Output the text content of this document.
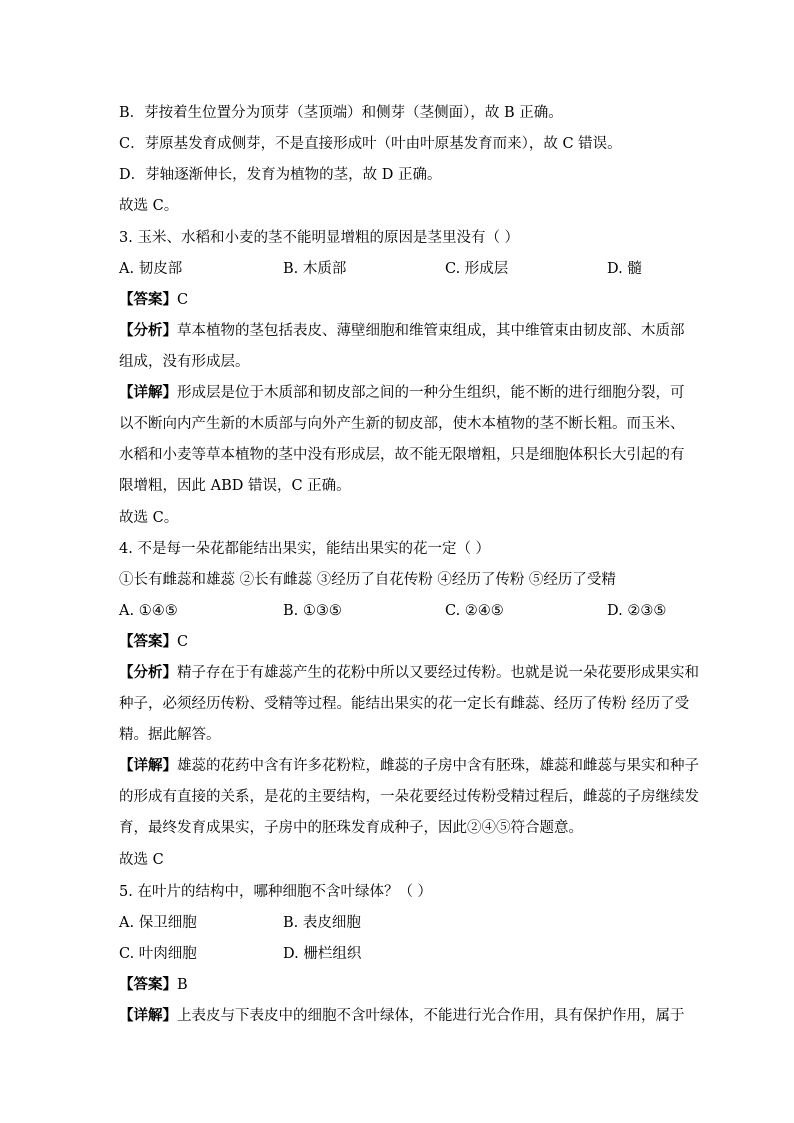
B．芽按着生位置分为顶芽（茎顶端）和侧芽（茎侧面），故 B 正确。
C．芽原基发育成侧芽，不是直接形成叶（叶由叶原基发育而来），故 C 错误。
D．芽轴逐渐伸长，发育为植物的茎，故 D 正确。
故选 C。
3. 玉米、水稻和小麦的茎不能明显增粗的原因是茎里没有（ ）
A. 韧皮部	B. 木质部	C. 形成层	D. 髓
【答案】C
【分析】草本植物的茎包括表皮、薄壁细胞和维管束组成，其中维管束由韧皮部、木质部
组成，没有形成层。
【详解】形成层是位于木质部和韧皮部之间的一种分生组织，能不断的进行细胞分裂，可
以不断向内产生新的木质部与向外产生新的韧皮部，使木本植物的茎不断长粗。而玉米、
水稻和小麦等草本植物的茎中没有形成层，故不能无限增粗，只是细胞体积长大引起的有
限增粗，因此 ABD 错误，C 正确。
故选 C。
4. 不是每一朵花都能结出果实，能结出果实的花一定（ ）
①长有雌蕊和雄蕊 ②长有雌蕊 ③经历了自花传粉 ④经历了传粉 ⑤经历了受精
A. ①④⑤	B. ①③⑤	C. ②④⑤	D. ②③⑤
【答案】C
【分析】精子存在于有雄蕊产生的花粉中所以又要经过传粉。也就是说一朵花要形成果实和
种子，必须经历传粉、受精等过程。能结出果实的花一定长有雌蕊、经历了传粉 经历了受
精。据此解答。
【详解】雄蕊的花药中含有许多花粉粒，雌蕊的子房中含有胚珠，雄蕊和雌蕊与果实和种子
的形成有直接的关系，是花的主要结构，一朵花要经过传粉受精过程后，雌蕊的子房继续发
育，最终发育成果实，子房中的胚珠发育成种子，因此②④⑤符合题意。
故选 C
5. 在叶片的结构中，哪种细胞不含叶绿体？（ ）
A. 保卫细胞	B. 表皮细胞
C. 叶肉细胞	D. 栅栏组织
【答案】B
【详解】上表皮与下表皮中的细胞不含叶绿体，不能进行光合作用，具有保护作用，属于
